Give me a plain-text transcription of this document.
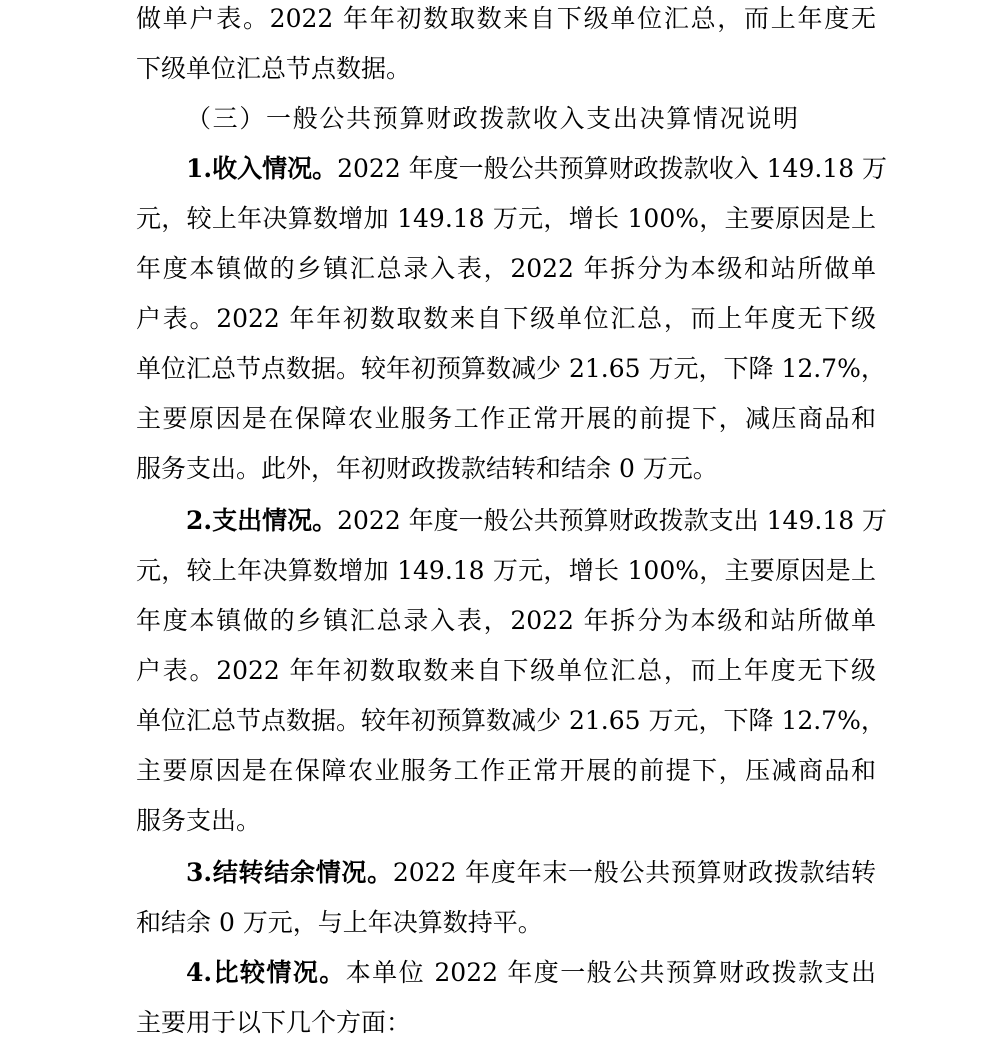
做单户表。2022 年年初数取数来自下级单位汇总，而上年度无
下级单位汇总节点数据。
（三）一般公共预算财政拨款收入支出决算情况说明
1.收入情况。2022 年度一般公共预算财政拨款收入 149.18 万
元，较上年决算数增加 149.18 万元，增长 100%，主要原因是上
年度本镇做的乡镇汇总录入表，2022 年拆分为本级和站所做单
户表。2022 年年初数取数来自下级单位汇总，而上年度无下级
单位汇总节点数据。较年初预算数减少 21.65 万元，下降 12.7%，
主要原因是在保障农业服务工作正常开展的前提下，减压商品和
服务支出。此外，年初财政拨款结转和结余 0 万元。
2.支出情况。2022 年度一般公共预算财政拨款支出 149.18 万
元，较上年决算数增加 149.18 万元，增长 100%，主要原因是上
年度本镇做的乡镇汇总录入表，2022 年拆分为本级和站所做单
户表。2022 年年初数取数来自下级单位汇总，而上年度无下级
单位汇总节点数据。较年初预算数减少 21.65 万元，下降 12.7%，
主要原因是在保障农业服务工作正常开展的前提下，压减商品和
服务支出。
3.结转结余情况。2022 年度年末一般公共预算财政拨款结转
和结余 0 万元，与上年决算数持平。
4.比较情况。本单位 2022 年度一般公共预算财政拨款支出
主要用于以下几个方面：
